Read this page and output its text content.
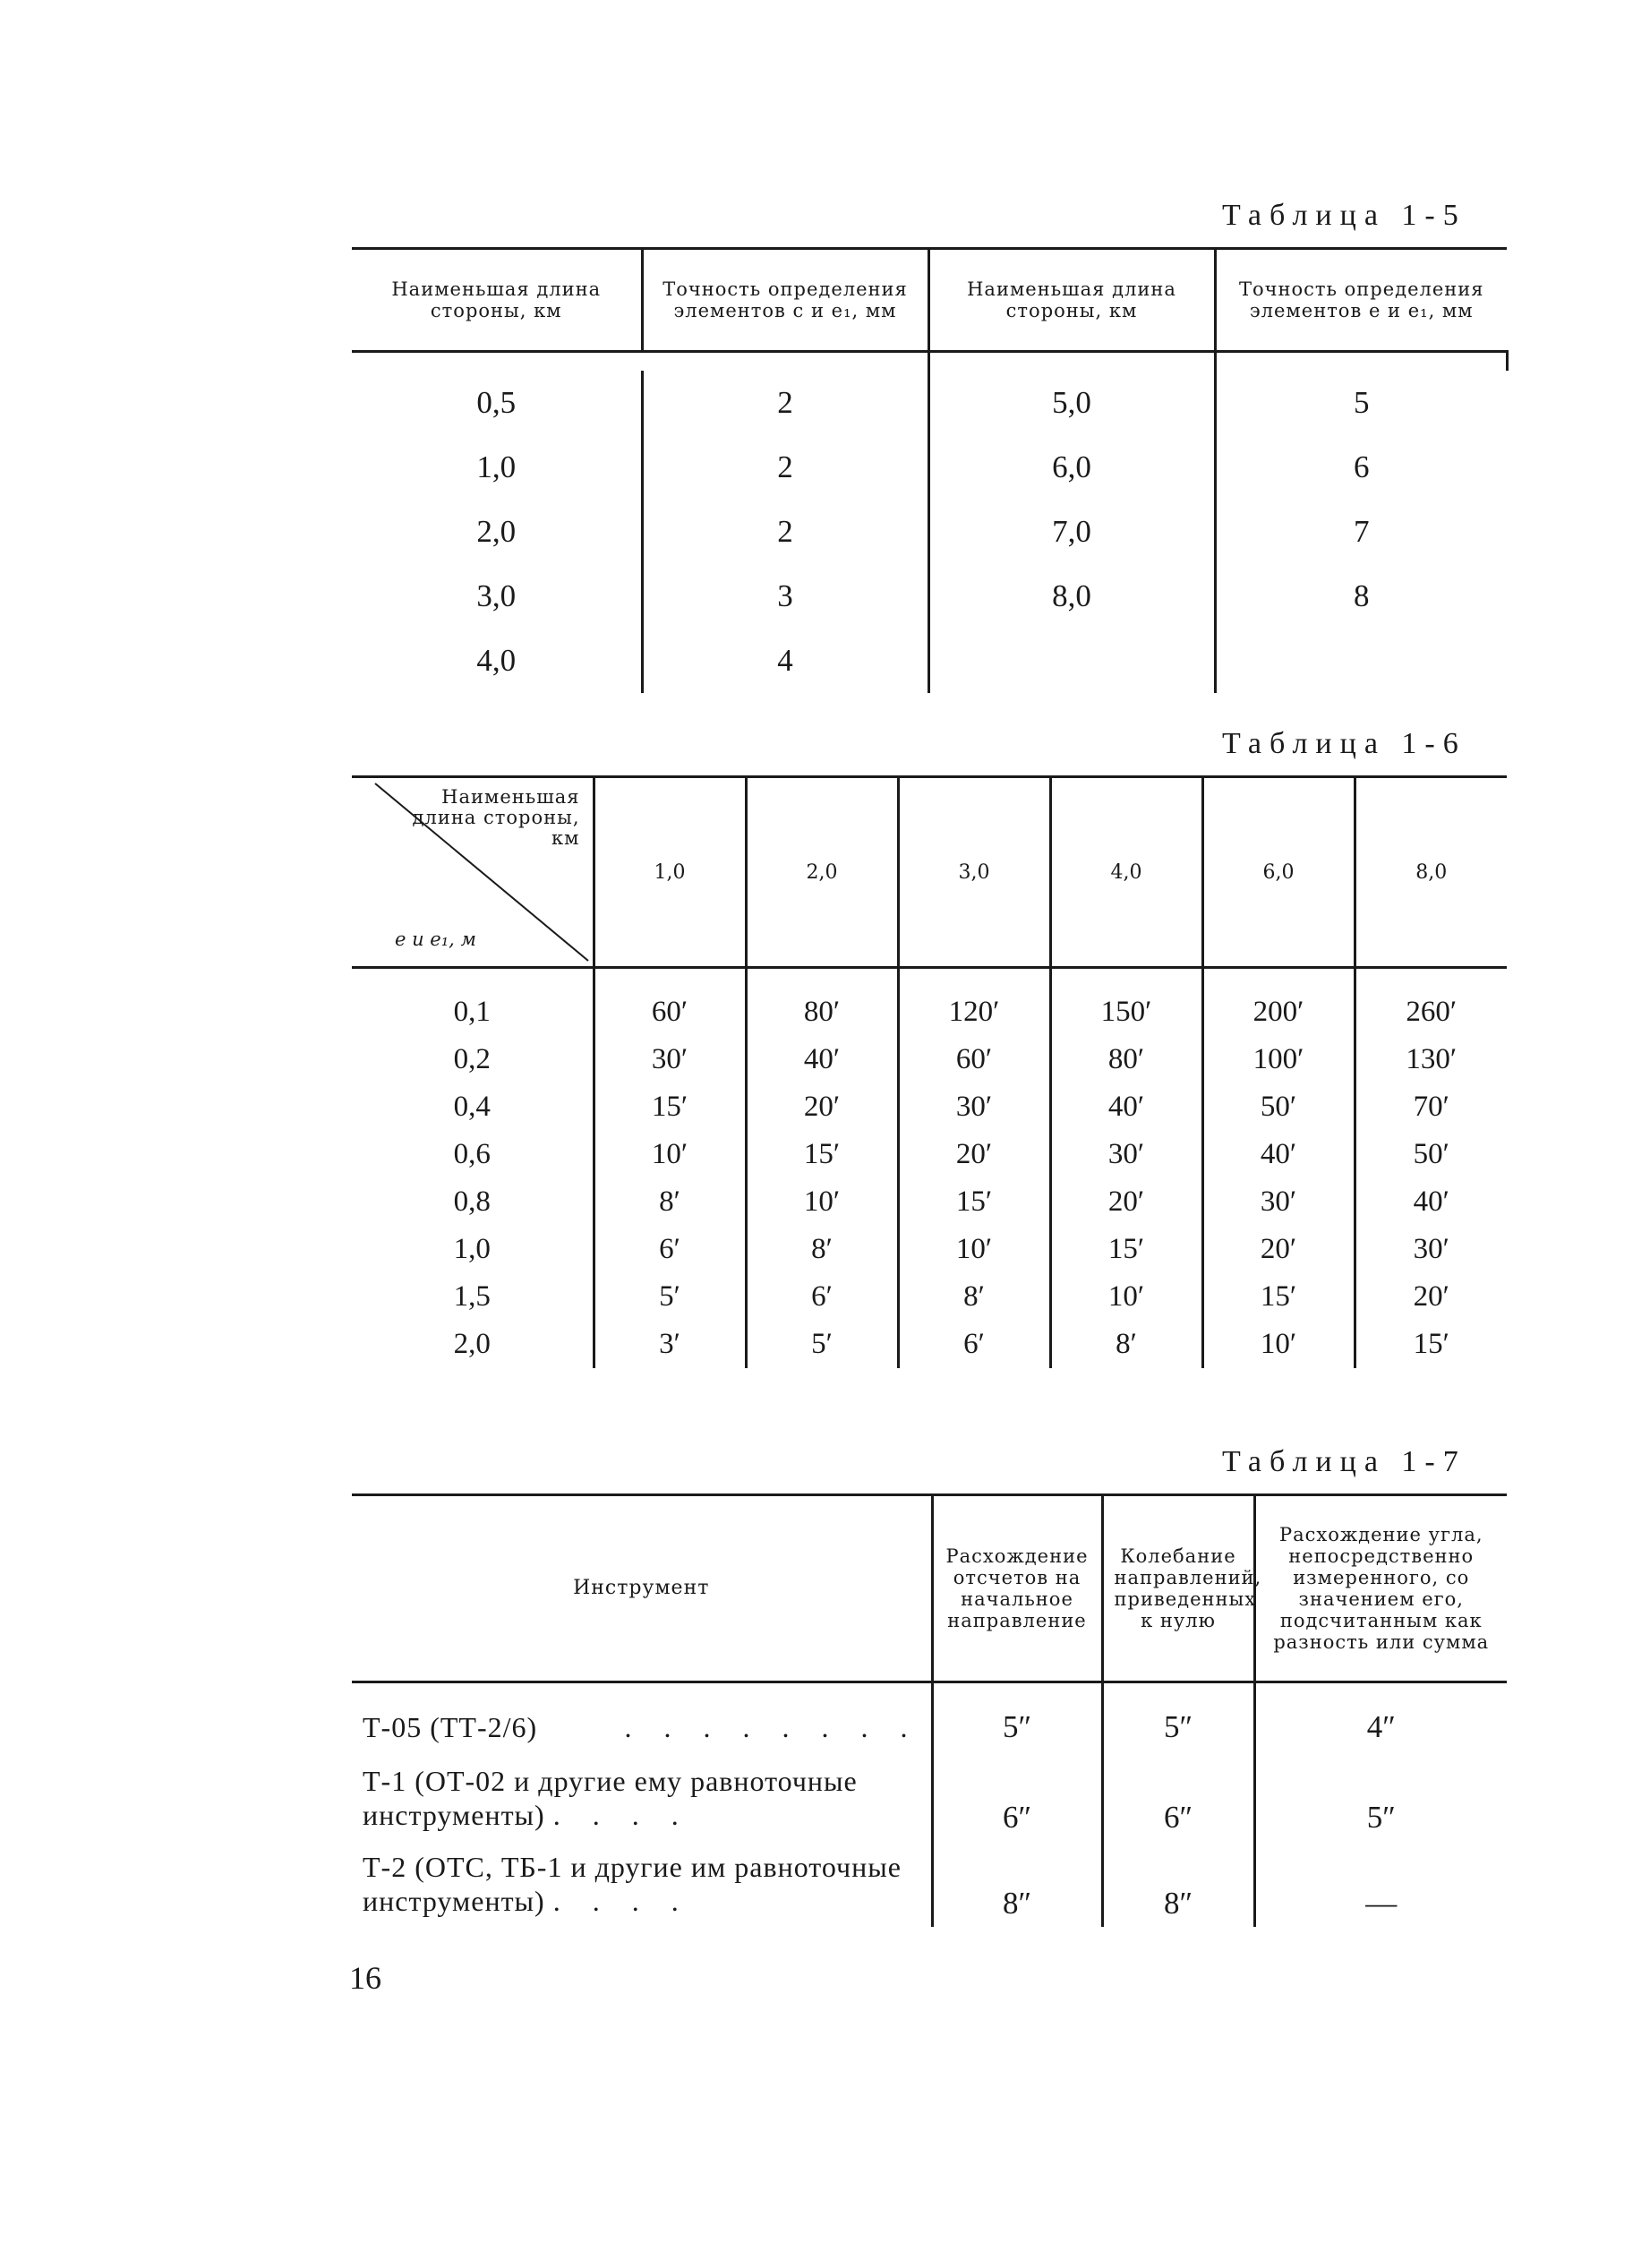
Таблица 1-5
Наименьшая длина стороны, км	Точность определения элементов с и е₁, мм	Наименьшая длина стороны, км	Точность определения элементов е и е₁, мм

0,5	2	5,0	5
1,0	2	6,0	6
2,0	2	7,0	7
3,0	3	8,0	8
4,0	4		
Таблица 1-6
Наименьшая длина стороны, км
е и е₁, м	1,0	2,0	3,0	4,0	6,0	8,0

0,1	60′	80′	120′	150′	200′	260′
0,2	30′	40′	60′	80′	100′	130′
0,4	15′	20′	30′	40′	50′	70′
0,6	10′	15′	20′	30′	40′	50′
0,8	8′	10′	15′	20′	30′	40′
1,0	6′	8′	10′	15′	20′	30′
1,5	5′	6′	8′	10′	15′	20′
2,0	3′	5′	6′	8′	10′	15′
Таблица 1-7
Инструмент	Расхождение отсчетов на начальное направление	Колебание направлений, приведенных к нулю	Расхождение угла, непосредственно измеренного, со значением его, подсчитанным как разность или сумма

Т-05 (ТТ-2/6) . . . . . . . .	5″	5″	4″
Т-1 (ОТ-02 и другие ему равноточные инструменты) . . . .	6″	6″	5″
Т-2 (ОТС, ТБ-1 и другие им равноточные инструменты) . . . .	8″	8″	—
16
